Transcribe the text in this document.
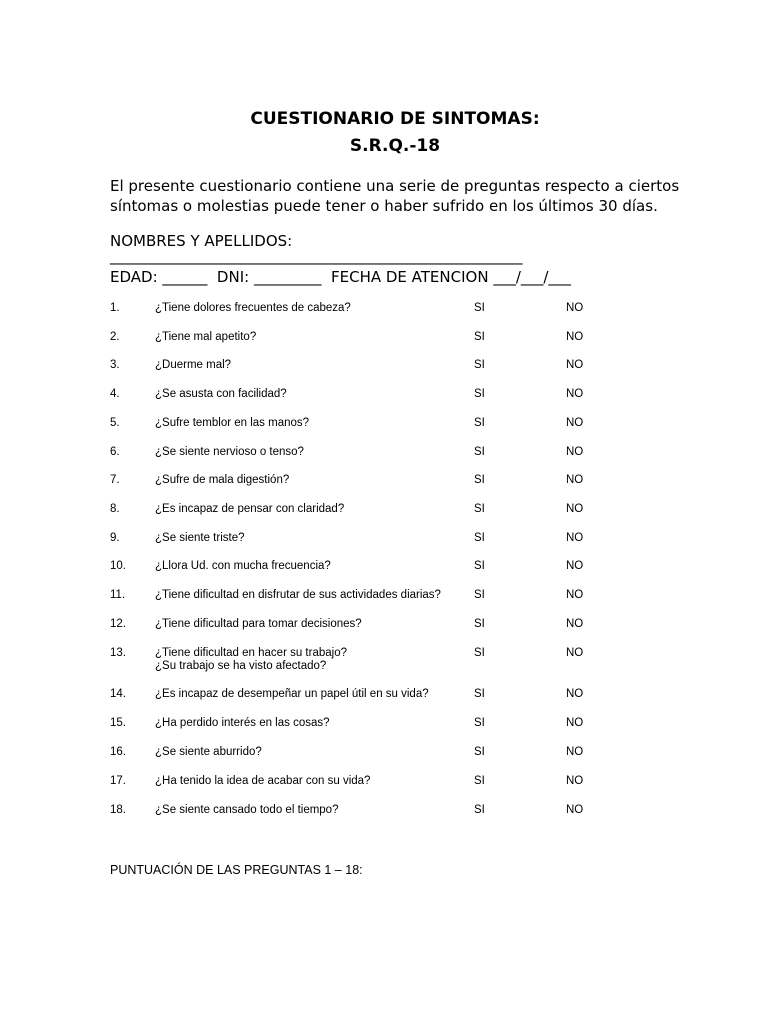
CUESTIONARIO DE SINTOMAS:
S.R.Q.-18

El presente cuestionario contiene una serie de preguntas respecto a ciertos síntomas o molestias puede tener o haber sufrido en los últimos 30 días.

NOMBRES Y APELLIDOS:
_______________________________________________________
EDAD: ______  DNI: _________  FECHA DE ATENCION ___/___/___
1.	¿Tiene dolores frecuentes de cabeza?	SI	NO
2.	¿Tiene mal apetito?	SI	NO
3.	¿Duerme mal?	SI	NO
4.	¿Se asusta con facilidad?	SI	NO
5.	¿Sufre temblor en las manos?	SI	NO
6.	¿Se siente nervioso o tenso?	SI	NO
7.	¿Sufre de mala digestión?	SI	NO
8.	¿Es incapaz de pensar con claridad?	SI	NO
9.	¿Se siente triste?	SI	NO
10.	¿Llora Ud. con mucha frecuencia?	SI	NO
11.	¿Tiene dificultad en disfrutar de sus actividades diarias?	SI	NO
12.	¿Tiene dificultad para tomar decisiones?	SI	NO
13.	¿Tiene dificultad en hacer su trabajo?
¿Su trabajo se ha visto afectado?
SI	NO
14.	¿Es incapaz de desempeñar un papel útil en su vida?	SI	NO
15.	¿Ha perdido interés en las cosas?	SI	NO
16.	¿Se siente aburrido?	SI	NO
17.	¿Ha tenido la idea de acabar con su vida?	SI	NO
18.	¿Se siente cansado todo el tiempo?	SI	NO

PUNTUACIÓN DE LAS PREGUNTAS 1 – 18:
